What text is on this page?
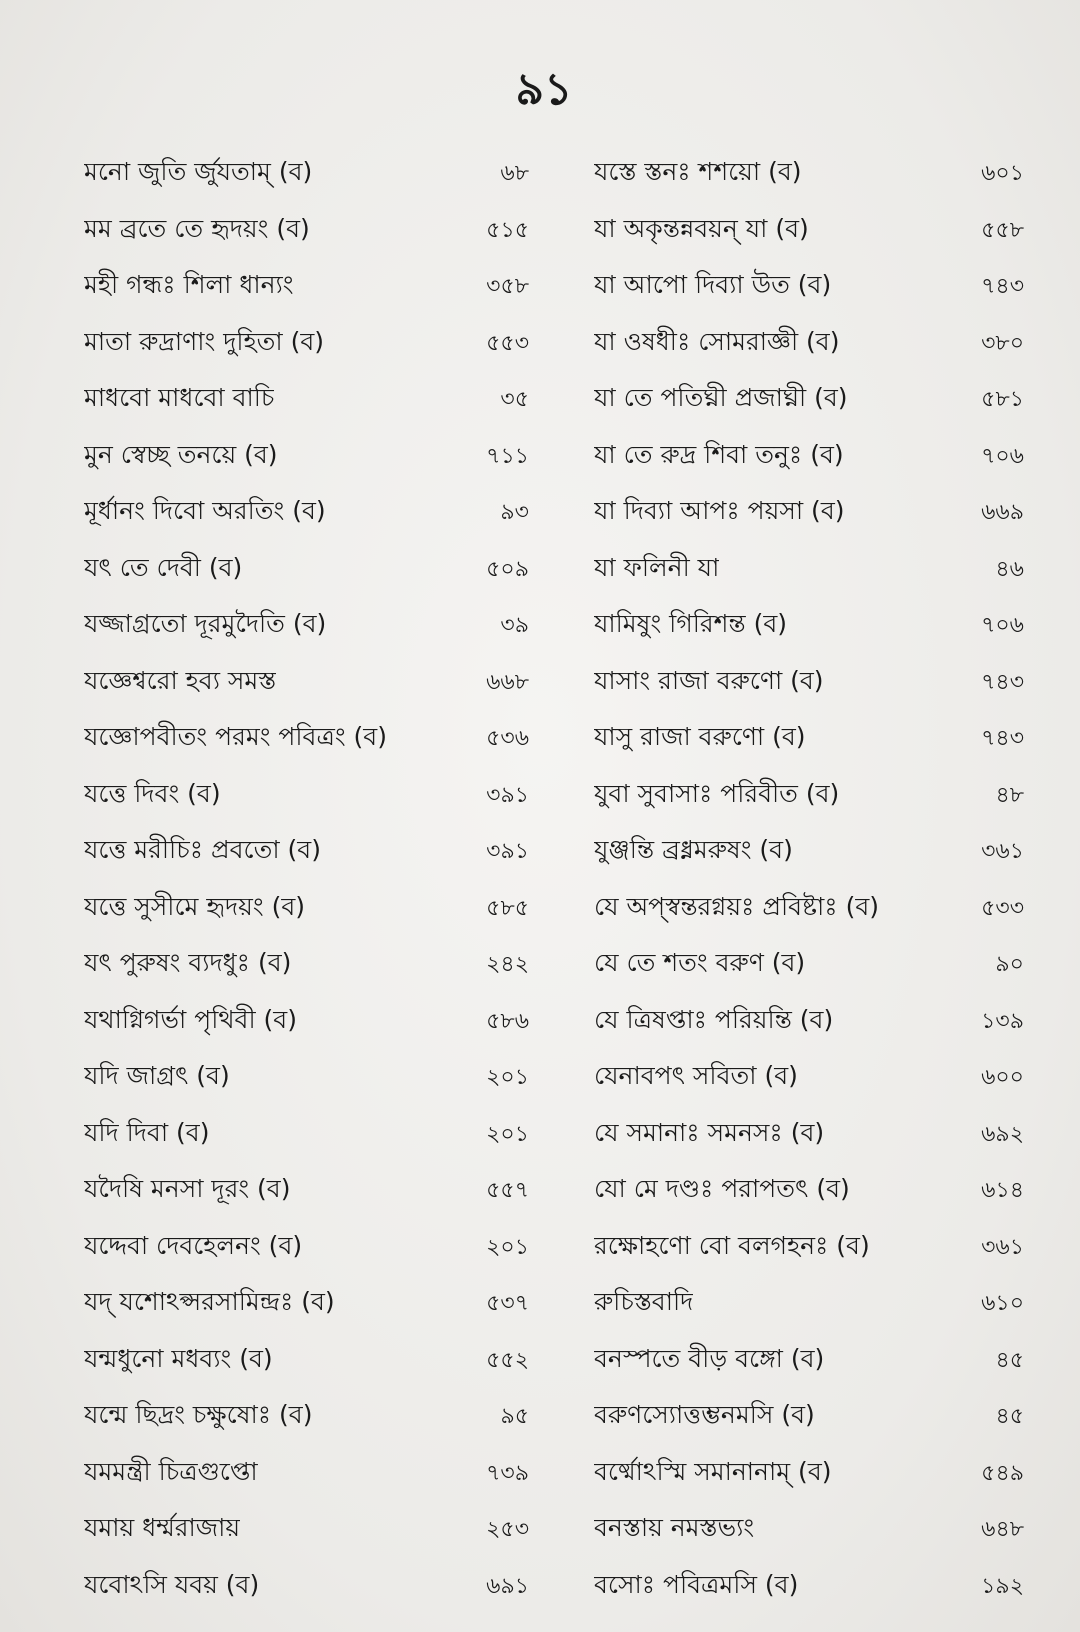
৯১
মনো জুতি র্জুযতাম্ (ব)	৬৮
মম ব্রতে তে হৃদয়ং (ব)	৫১৫
মহী গন্ধঃ শিলা ধান্যং	৩৫৮
মাতা রুদ্রাণাং দুহিতা (ব)	৫৫৩
মাধবো মাধবো বাচি	৩৫
মুন স্বেচ্ছ তনয়ে (ব)	৭১১
মূর্ধানং দিবো অরতিং (ব)	৯৩
যৎ তে দেবী (ব)	৫০৯
যজ্জাগ্রতো দূরমুদৈতি (ব)	৩৯
যজ্ঞেশ্বরো হব্য সমস্ত	৬৬৮
যজ্ঞোপবীতং পরমং পবিত্রং (ব)	৫৩৬
যত্তে দিবং (ব)	৩৯১
যত্তে মরীচিঃ প্রবতো (ব)	৩৯১
যত্তে সুসীমে হৃদয়ং (ব)	৫৮৫
যৎ পুরুষং ব্যদধুঃ (ব)	২৪২
যথাগ্নিগর্ভা পৃথিবী (ব)	৫৮৬
যদি জাগ্রৎ (ব)	২০১
যদি দিবা (ব)	২০১
যদৈষি মনসা দূরং (ব)	৫৫৭
যদ্দেবা দেবহেলনং (ব)	২০১
যদ্ যশোঽপ্সরসামিন্দ্রঃ (ব)	৫৩৭
যন্মধুনো মধব্যং (ব)	৫৫২
যন্মে ছিদ্রং চক্ষুষোঃ (ব)	৯৫
যমমন্ত্রী চিত্রগুপ্তো	৭৩৯
যমায় ধর্ম্মরাজায়	২৫৩
যবোঽসি যবয় (ব)	৬৯১
যস্তে স্তনঃ শশয়ো (ব)	৬০১
যা অকৃন্তন্নবয়ন্ যা (ব)	৫৫৮
যা আপো দিব্যা উত (ব)	৭৪৩
যা ওষধীঃ সোমরাজ্ঞী (ব)	৩৮০
যা তে পতিঘ্নী প্রজাঘ্নী (ব)	৫৮১
যা তে রুদ্র শিবা তনুঃ (ব)	৭০৬
যা দিব্যা আপঃ পয়সা (ব)	৬৬৯
যা ফলিনী যা	৪৬
যামিষুং গিরিশন্ত (ব)	৭০৬
যাসাং রাজা বরুণো (ব)	৭৪৩
যাসু রাজা বরুণো (ব)	৭৪৩
যুবা সুবাসাঃ পরিবীত (ব)	৪৮
যুঞ্জন্তি ব্রধ্নমরুষং (ব)	৩৬১
যে অপ্স্বন্তরগ্নয়ঃ প্রবিষ্টাঃ (ব)	৫৩৩
যে তে শতং বরুণ (ব)	৯০
যে ত্রিষপ্তাঃ পরিয়ন্তি (ব)	১৩৯
যেনাবপৎ সবিতা (ব)	৬০০
যে সমানাঃ সমনসঃ (ব)	৬৯২
যো মে দণ্ডঃ পরাপতৎ (ব)	৬১৪
রক্ষোহণো বো বলগহনঃ (ব)	৩৬১
রুচিস্তবাদি	৬১০
বনস্পতে বীড় বঙ্গো (ব)	৪৫
বরুণস্যোত্তম্ভনমসি (ব)	৪৫
বর্ষ্মোঽস্মি সমানানাম্ (ব)	৫৪৯
বনস্তায় নমস্তভ্যং	৬৪৮
বসোঃ পবিত্রমসি (ব)	১৯২
